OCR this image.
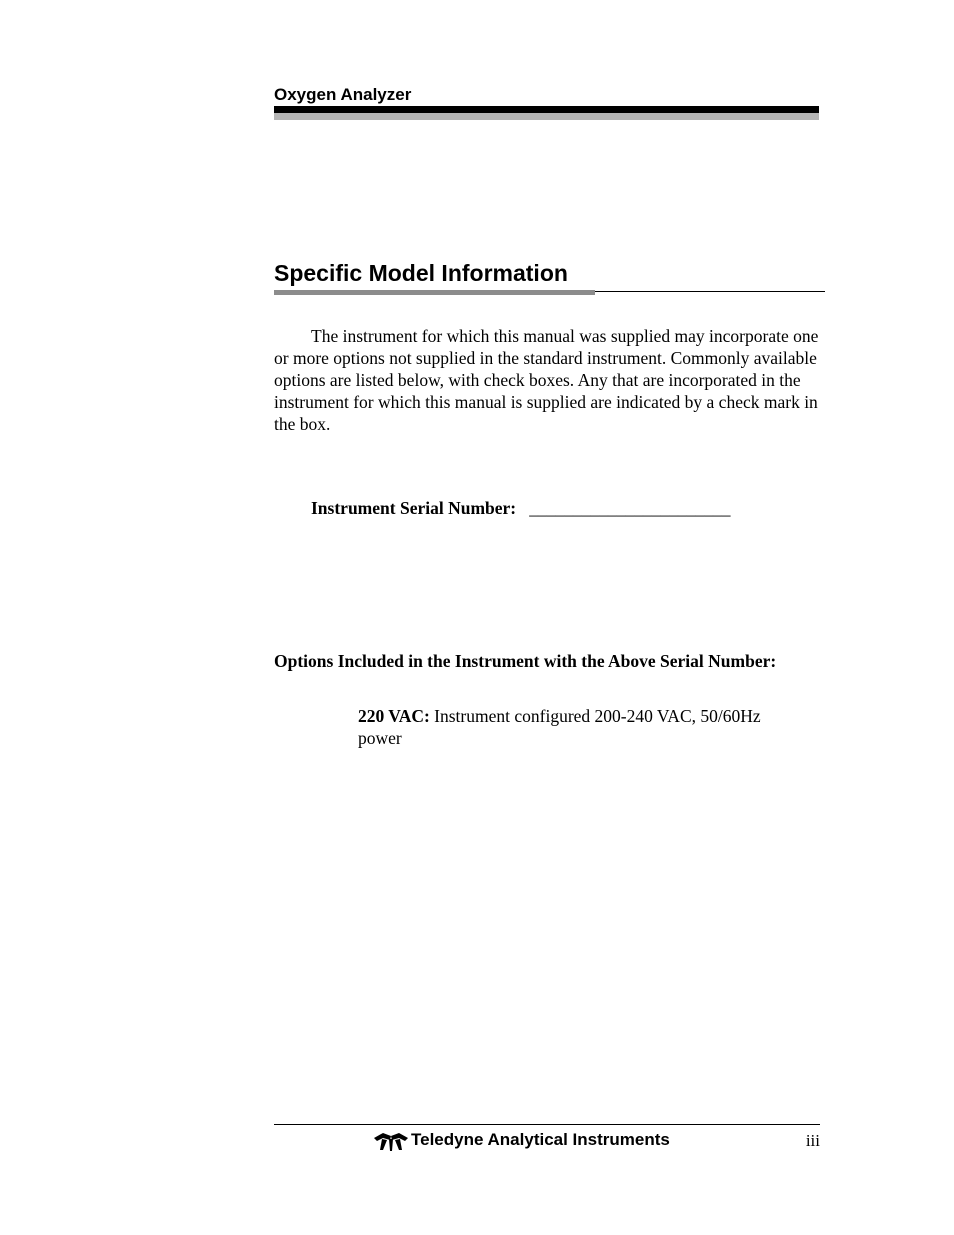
Oxygen Analyzer
Specific Model Information

The instrument for which this manual was supplied may incorporate one or more options not supplied in the standard instrument. Commonly available options are listed below, with check boxes. Any that are incorporated in the instrument for which this manual is supplied are indicated by a check mark in the box.

Instrument Serial Number: _______________________
Options Included in the Instrument with the Above Serial Number:

220 VAC: Instrument configured 200-240 VAC, 50/60Hz power

Teledyne Analytical Instruments	iii
